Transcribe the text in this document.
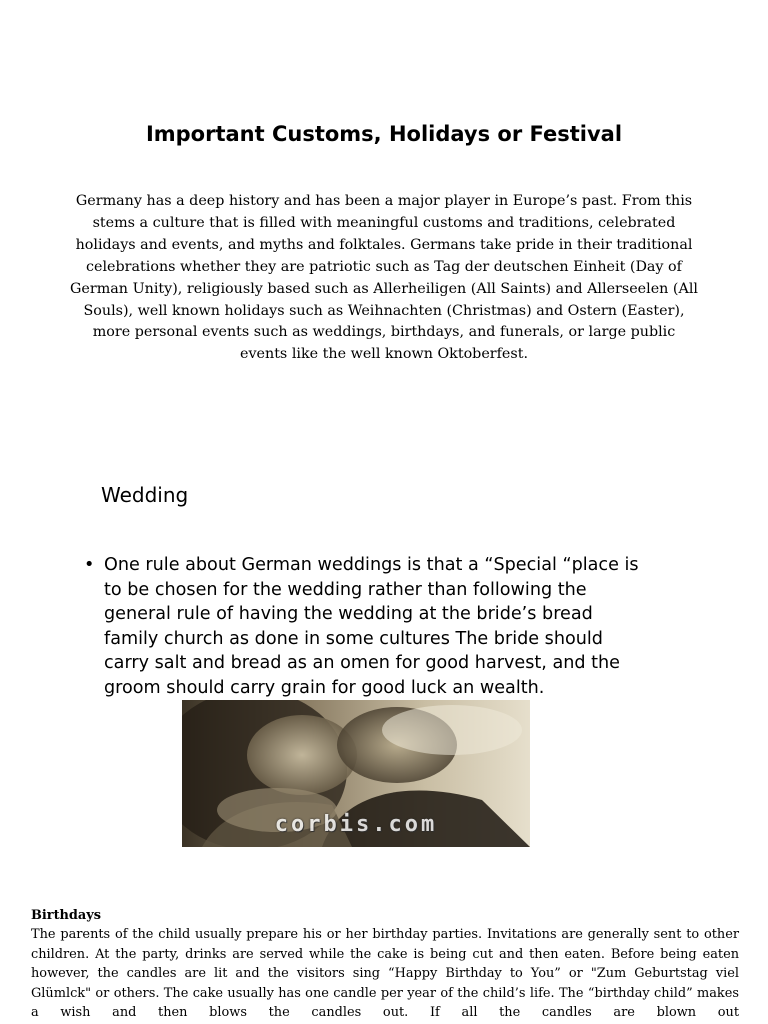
Important Customs, Holidays or Festival

Germany has a deep history and has been a major player in Europe’s past. From this stems a culture that is filled with meaningful customs and traditions, celebrated holidays and events, and myths and folktales. Germans take pride in their traditional celebrations whether they are patriotic such as Tag der deutschen Einheit (Day of German Unity), religiously based such as Allerheiligen (All Saints) and Allerseelen (All Souls), well known holidays such as Weihnachten (Christmas) and Ostern (Easter), more personal events such as weddings, birthdays, and funerals, or large public events like the well known Oktoberfest.

Wedding
• One rule about German weddings is that a “Special “place is to be chosen for the wedding rather than following the general rule of having the wedding at the bride’s bread family church as done in some cultures The bride should carry salt and bread as an omen for good harvest, and the groom should carry grain for good luck an wealth.
corbis.com
Birthdays
The parents of the child usually prepare his or her birthday parties. Invitations are generally sent to other children. At the party, drinks are served while the cake is being cut and then eaten. Before being eaten however, the candles are lit and the visitors sing “Happy Birthday to You” or "Zum Geburtstag viel Glümlck" or others. The cake usually has one candle per year of the child’s life. The “birthday child” makes a wish and then blows the candles out. If all the candles are blown out
